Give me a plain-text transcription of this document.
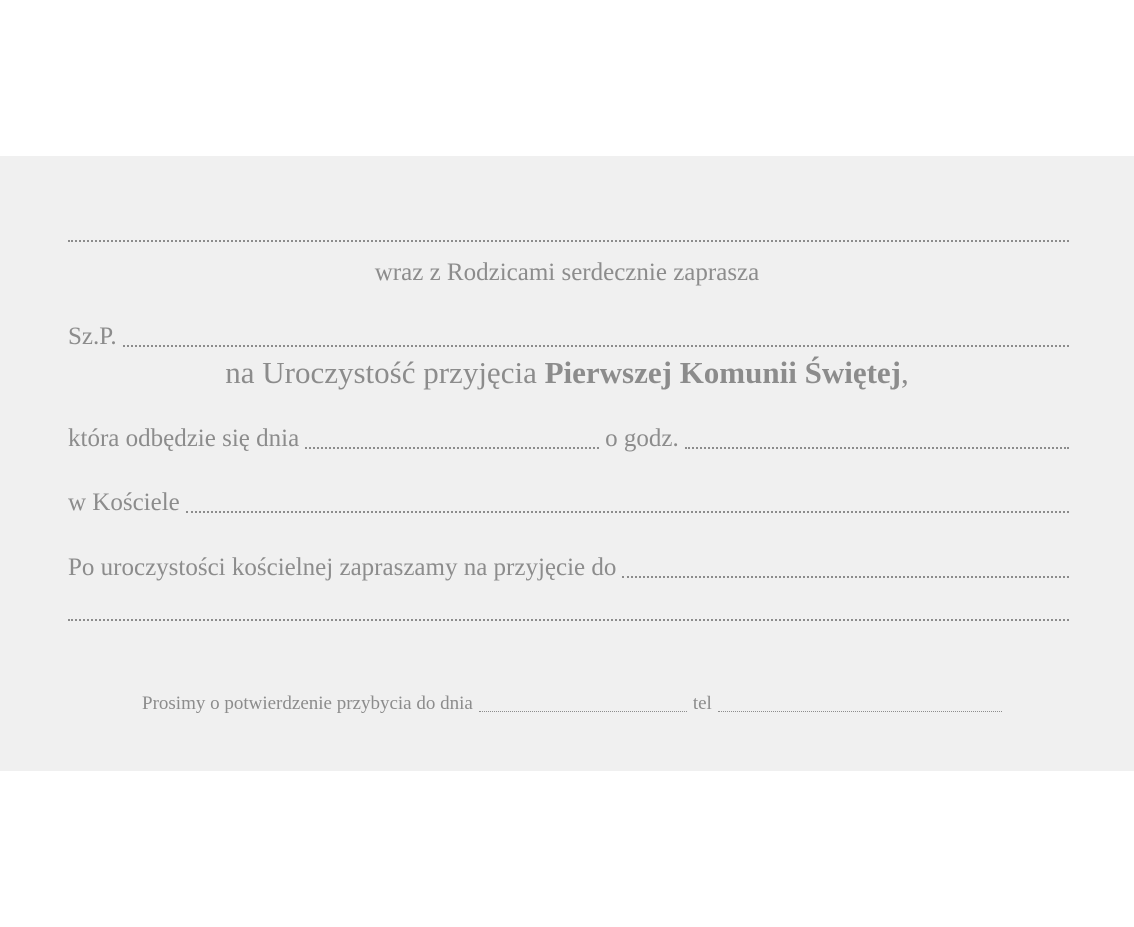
wraz z Rodzicami serdecznie zaprasza
Sz.P.
na Uroczystość przyjęcia Pierwszej Komunii Świętej,
która odbędzie się dnia	o godz.
w Kościele
Po uroczystości kościelnej zapraszamy na przyjęcie do
Prosimy o potwierdzenie przybycia do dnia	tel
